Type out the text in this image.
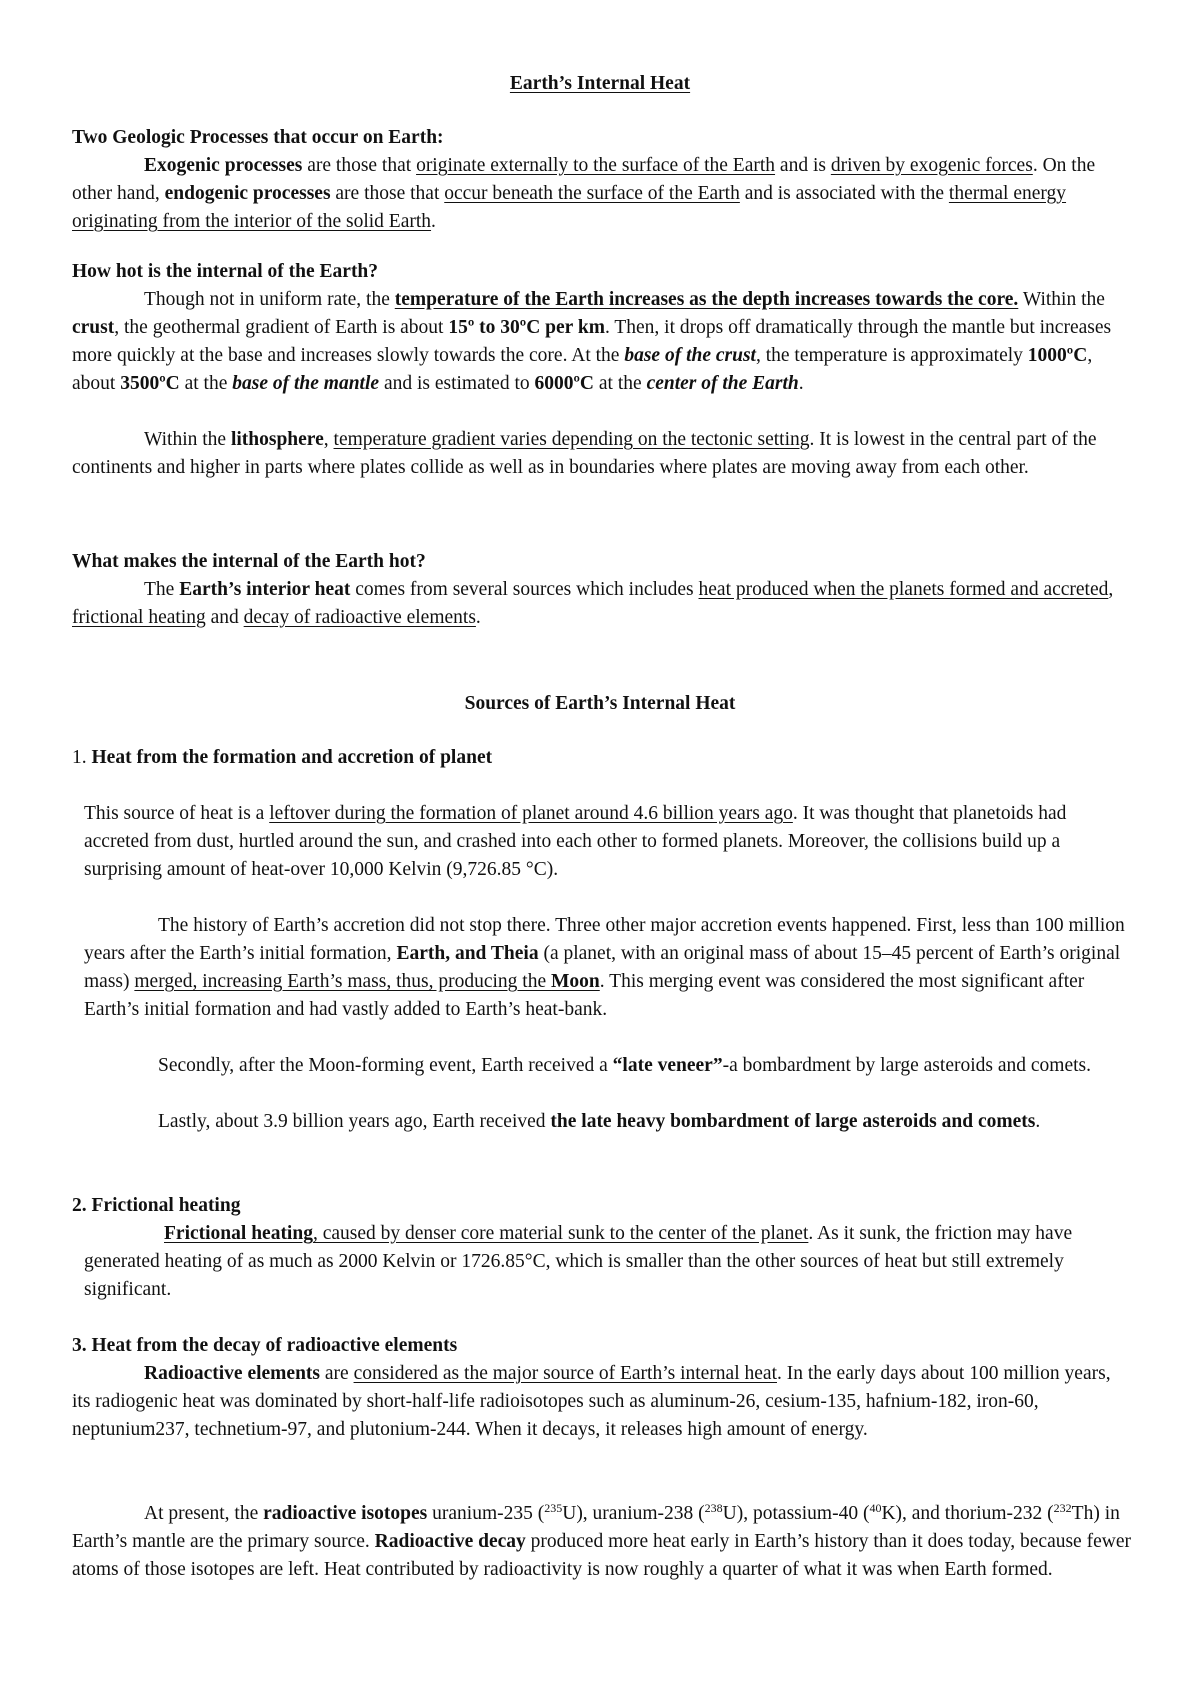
Earth’s Internal Heat
Two Geologic Processes that occur on Earth:

Exogenic processes are those that originate externally to the surface of the Earth and is driven by exogenic forces. On the other hand, endogenic processes are those that occur beneath the surface of the Earth and is associated with the thermal energy originating from the interior of the solid Earth.

How hot is the internal of the Earth?

Though not in uniform rate, the temperature of the Earth increases as the depth increases towards the core. Within the crust, the geothermal gradient of Earth is about 15º to 30ºC per km. Then, it drops off dramatically through the mantle but increases more quickly at the base and increases slowly towards the core. At the base of the crust, the temperature is approximately 1000ºC, about 3500ºC at the base of the mantle and is estimated to 6000ºC at the center of the Earth.

Within the lithosphere, temperature gradient varies depending on the tectonic setting. It is lowest in the central part of the continents and higher in parts where plates collide as well as in boundaries where plates are moving away from each other.

What makes the internal of the Earth hot?

The Earth’s interior heat comes from several sources which includes heat produced when the planets formed and accreted, frictional heating and decay of radioactive elements.

Sources of Earth’s Internal Heat
1. Heat from the formation and accretion of planet

This source of heat is a leftover during the formation of planet around 4.6 billion years ago. It was thought that planetoids had accreted from dust, hurtled around the sun, and crashed into each other to formed planets. Moreover, the collisions build up a surprising amount of heat-over 10,000 Kelvin (9,726.85 °C).

The history of Earth’s accretion did not stop there. Three other major accretion events happened. First, less than 100 million years after the Earth’s initial formation, Earth, and Theia (a planet, with an original mass of about 15–45 percent of Earth’s original mass) merged, increasing Earth’s mass, thus, producing the Moon. This merging event was considered the most significant after Earth’s initial formation and had vastly added to Earth’s heat-bank.

Secondly, after the Moon-forming event, Earth received a “late veneer”-a bombardment by large asteroids and comets.

Lastly, about 3.9 billion years ago, Earth received the late heavy bombardment of large asteroids and comets.

2. Frictional heating

Frictional heating, caused by denser core material sunk to the center of the planet. As it sunk, the friction may have generated heating of as much as 2000 Kelvin or 1726.85°C, which is smaller than the other sources of heat but still extremely significant.

3. Heat from the decay of radioactive elements

Radioactive elements are considered as the major source of Earth’s internal heat. In the early days about 100 million years, its radiogenic heat was dominated by short-half-life radioisotopes such as aluminum-26, cesium-135, hafnium-182, iron-60, neptunium237, technetium-97, and plutonium-244. When it decays, it releases high amount of energy.

At present, the radioactive isotopes uranium-235 ($^{235}$U), uranium-238 ($^{238}$U), potassium-40 ($^{40}$K), and thorium-232 ($^{232}$Th) in Earth’s mantle are the primary source. Radioactive decay produced more heat early in Earth’s history than it does today, because fewer atoms of those isotopes are left. Heat contributed by radioactivity is now roughly a quarter of what it was when Earth formed.
